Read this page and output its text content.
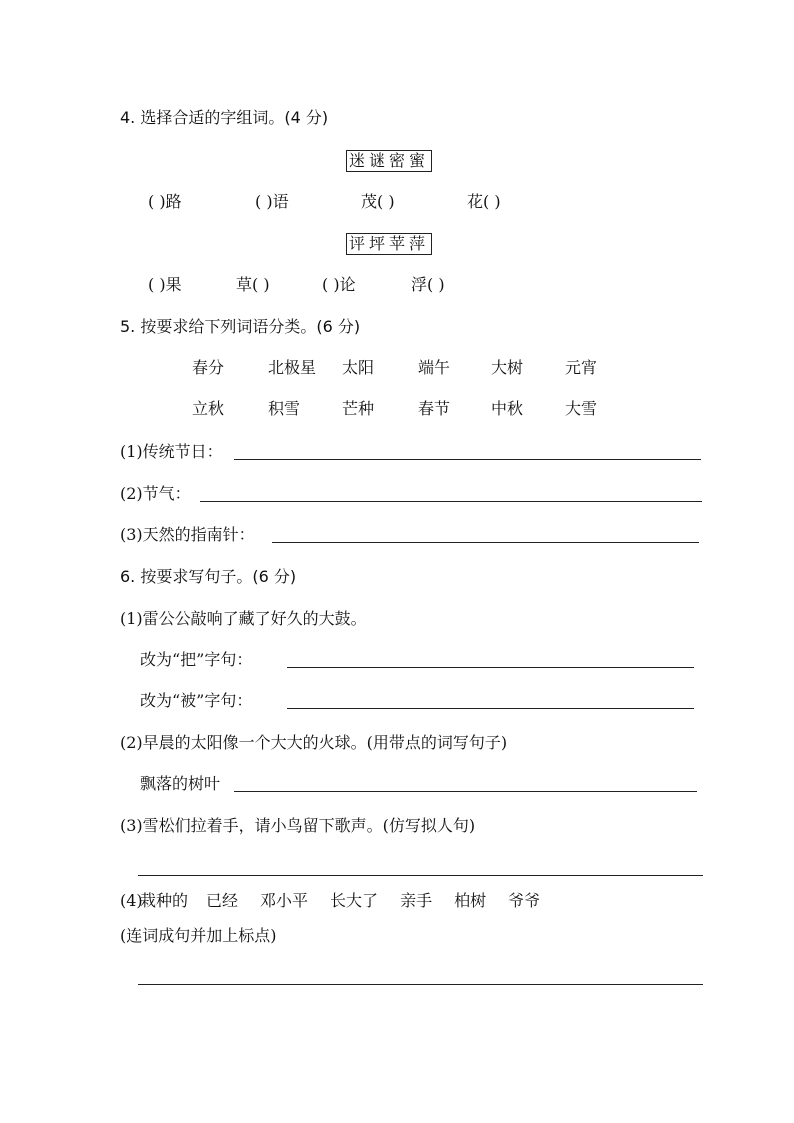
4. 选择合适的字组词。(4 分)
迷谜密蜜
( )路	( )语	茂( )	花( )
评坪苹萍
( )果	草( )	( )论	浮( )
5. 按要求给下列词语分类。(6 分)
春分	北极星 太阳	端午	大树	元宵
立秋	积雪	芒种	春节	中秋	大雪
(1)传统节日：
(2)节气：
(3)天然的指南针：
6. 按要求写句子。(6 分)
(1)雷公公敲响了藏了好久的大鼓。
改为“把”字句：
改为“被”字句：
(2)早晨的太阳像一个大大的火球。(用带点的词写句子)
飘落的树叶
(3)雪松们拉着手，请小鸟留下歌声。(仿写拟人句)
(4)
栽种的 已经 邓小平 长大了 亲手 柏树 爷爷
(连词成句并加上标点)
